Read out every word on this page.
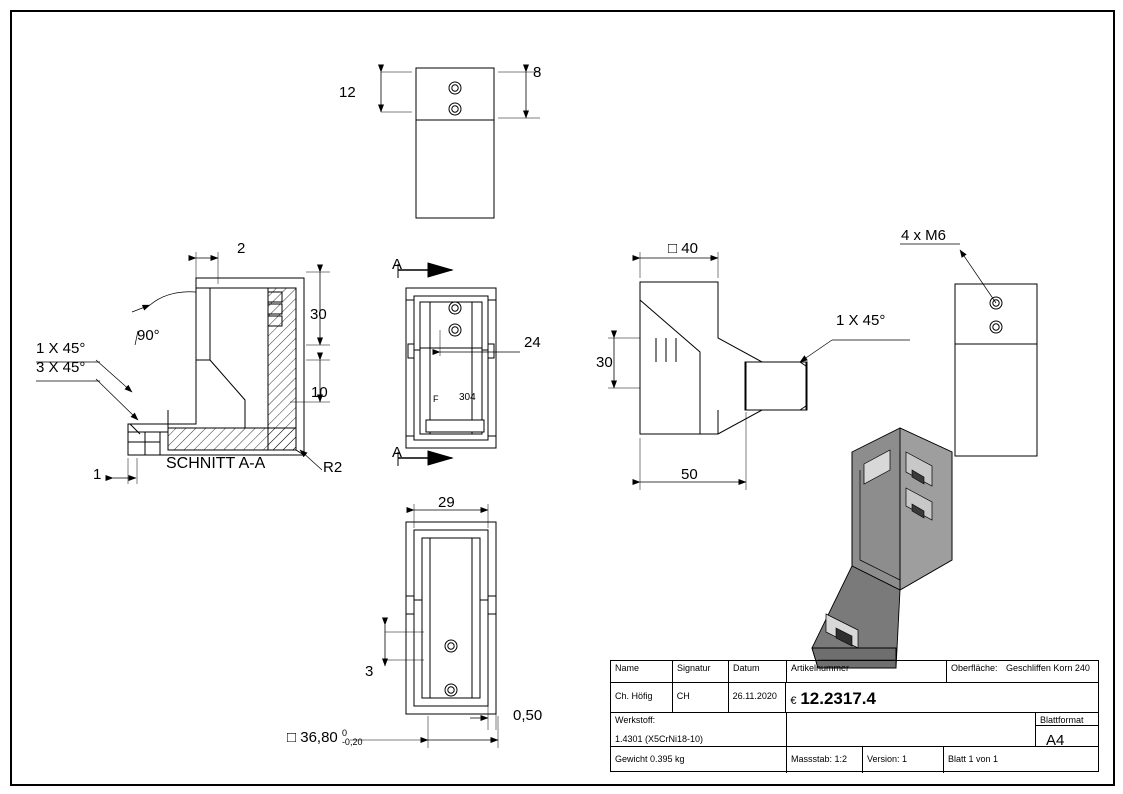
12
8
2
90°
30
10
1
1 X 45°
3 X 45°
R2
SCHNITT A-A
A
A
24
F 304
29
3
0,50
□ 36,80 0
-0,20
□ 40
30
50
1 X 45°
4 x M6
Name	Signatur	Datum	Artikelnummer	Oberfläche: Geschliffen Korn 240
Ch. Höfig	CH	26.11.2020	€ 12.2317.4
Werkstoff:
1.4301 (X5CrNi18-10)
Blattformat
A4
Gewicht 0.395 kg	Massstab: 1:2	Version: 1	Blatt 1 von 1
